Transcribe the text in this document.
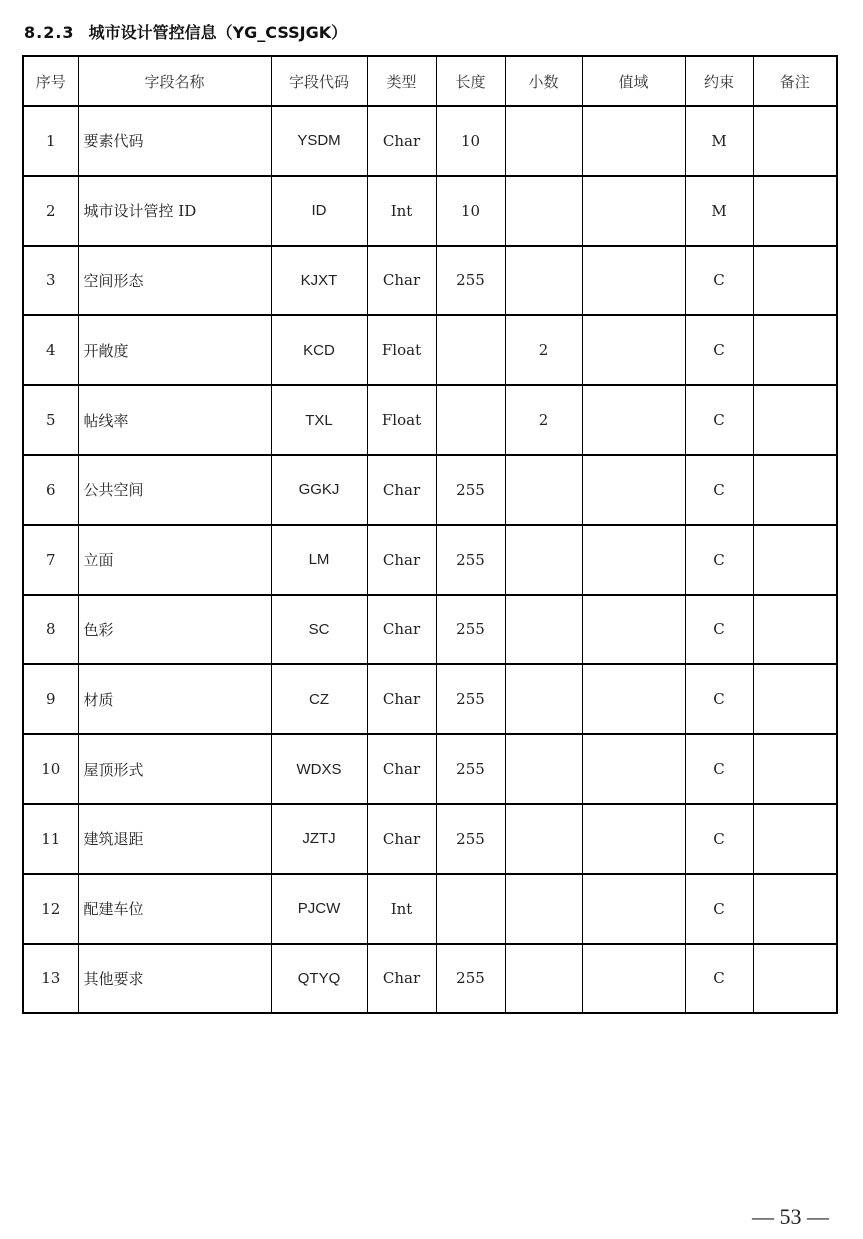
8.2.3 城市设计管控信息（YG_CSSJGK）
序号	字段名称	字段代码	类型	长度	小数	值域	约束	备注
1	要素代码	YSDM	Char	10			M	
2	城市设计管控 ID	ID	Int	10			M	
3	空间形态	KJXT	Char	255			C	
4	开敞度	KCD	Float		2		C	
5	帖线率	TXL	Float		2		C	
6	公共空间	GGKJ	Char	255			C	
7	立面	LM	Char	255			C	
8	色彩	SC	Char	255			C	
9	材质	CZ	Char	255			C	
10	屋顶形式	WDXS	Char	255			C	
11	建筑退距	JZTJ	Char	255			C	
12	配建车位	PJCW	Int				C	
13	其他要求	QTYQ	Char	255			C	
— 53 —
